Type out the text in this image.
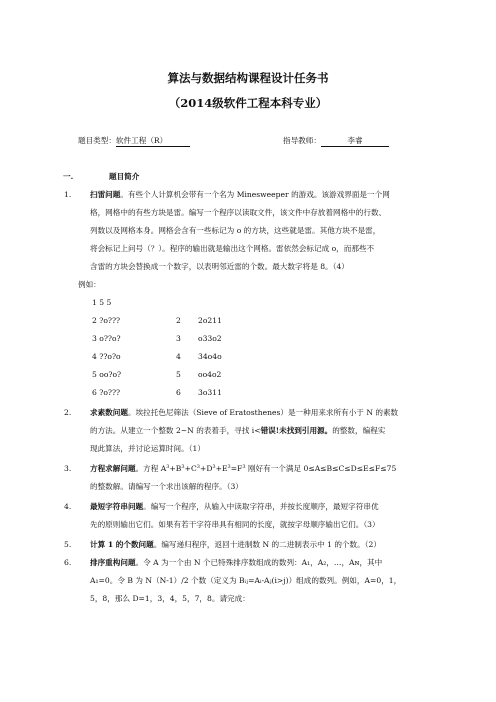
算法与数据结构课程设计任务书
（2014级软件工程本科专业）
题目类型：软件工程（R）	指导教师：	李睿
一.	题目简介
1. 扫雷问题。有些个人计算机会带有一个名为 Minesweeper 的游戏。该游戏界面是一个网
格，网格中的有些方块是雷。编写一个程序以读取文件，该文件中存放着网格中的行数、
列数以及网格本身。网格会含有一些标记为 o 的方块，这些就是雷。其他方块不是雷，
将会标记上问号（？）。程序的输出就是输出这个网格。雷依然会标记成 o，而那些不
含雷的方块会替换成一个数字，以表明邻近雷的个数。最大数字将是 8。（4）
例如：
1 5 5
2 ?o???	2 2o211
3 o??o?	3 o33o2
4 ??o?o	4 34o4o
5 oo?o?	5 oo4o2
6 ?o???	6 3o311
2. 求素数问题。埃拉托色尼筛法（Sieve of Eratosthenes）是一种用来求所有小于 N 的素数
的方法。从建立一个整数 2~N 的表着手，寻找 i<错误!未找到引用源。的整数，编程实
现此算法，并讨论运算时间。（1）
3. 方程求解问题。方程 $A^3+B^3+C^3+D^3+E^3=F^3$ 刚好有一个满足 0≤A≤B≤C≤D≤E≤F≤75
的整数解。请编写一个求出该解的程序。（3）
4. 最短字符串问题。编写一个程序，从输入中读取字符串，并按长度顺序，最短字符串优
先的原则输出它们。如果有若干字符串具有相同的长度，就按字母顺序输出它们。（3）
5. 计算 1 的个数问题。编写递归程序，返回十进制数 N 的二进制表示中 1 的个数。（2）
6. 排序重构问题。令 A 为一个由 N 个已特殊排序数组成的数列：A₁，A₂，…，Aɴ，其中
A₁=0。令 B 为 N（N-1）/2 个数（定义为 Bᵢⱼ=Aᵢ-Aⱼ(i>j)）组成的数列。例如，A=0，1，
5，8，那么 D=1，3，4，5，7，8。请完成：
